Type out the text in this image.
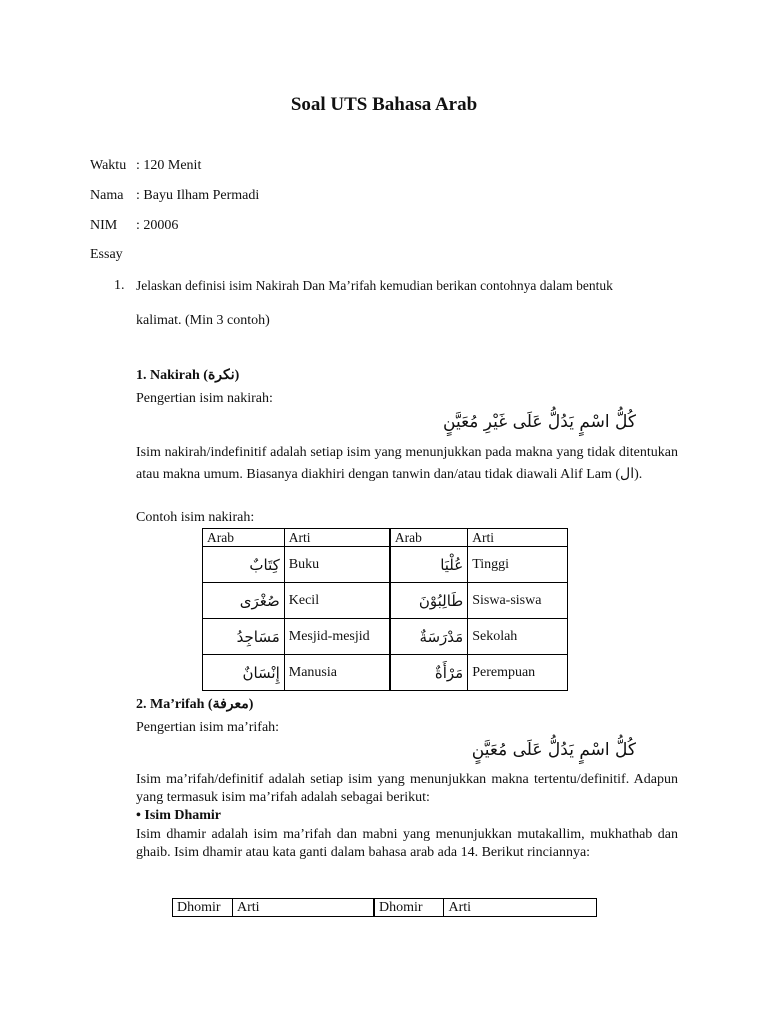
Soal UTS Bahasa Arab
Waktu : 120 Menit
Nama : Bayu Ilham Permadi
NIM : 20006
Essay
1. Jelaskan definisi isim Nakirah Dan Ma’rifah kemudian berikan contohnya dalam bentuk
kalimat. (Min 3 contoh)
1. Nakirah (نكرة)
Pengertian isim nakirah:
كُلُّ اسْمٍ يَدُلُّ عَلَى غَيْرِ مُعَيَّنٍ
Isim nakirah/indefinitif adalah setiap isim yang menunjukkan pada makna yang tidak ditentukan atau makna umum. Biasanya diakhiri dengan tanwin dan/atau tidak diawali Alif Lam (ال).
Contoh isim nakirah:
Arab	Arti	Arab	Arti
كِتَابٌ	Buku	عُلْيَا	Tinggi
صُغْرَى	Kecil	طَالِبُوْنَ	Siswa-siswa
مَسَاجِدُ	Mesjid-mesjid	مَدْرَسَةٌ	Sekolah
إِنْسَانٌ	Manusia	مَرْأَةٌ	Perempuan
2. Ma’rifah (معرفة)
Pengertian isim ma’rifah:
كُلُّ اسْمٍ يَدُلُّ عَلَى مُعَيَّنٍ
Isim ma’rifah/definitif adalah setiap isim yang menunjukkan makna tertentu/definitif. Adapun yang termasuk isim ma’rifah adalah sebagai berikut:
• Isim Dhamir
Isim dhamir adalah isim ma’rifah dan mabni yang menunjukkan mutakallim, mukhathab dan ghaib. Isim dhamir atau kata ganti dalam bahasa arab ada 14. Berikut rinciannya:
Dhomir	Arti	Dhomir	Arti
